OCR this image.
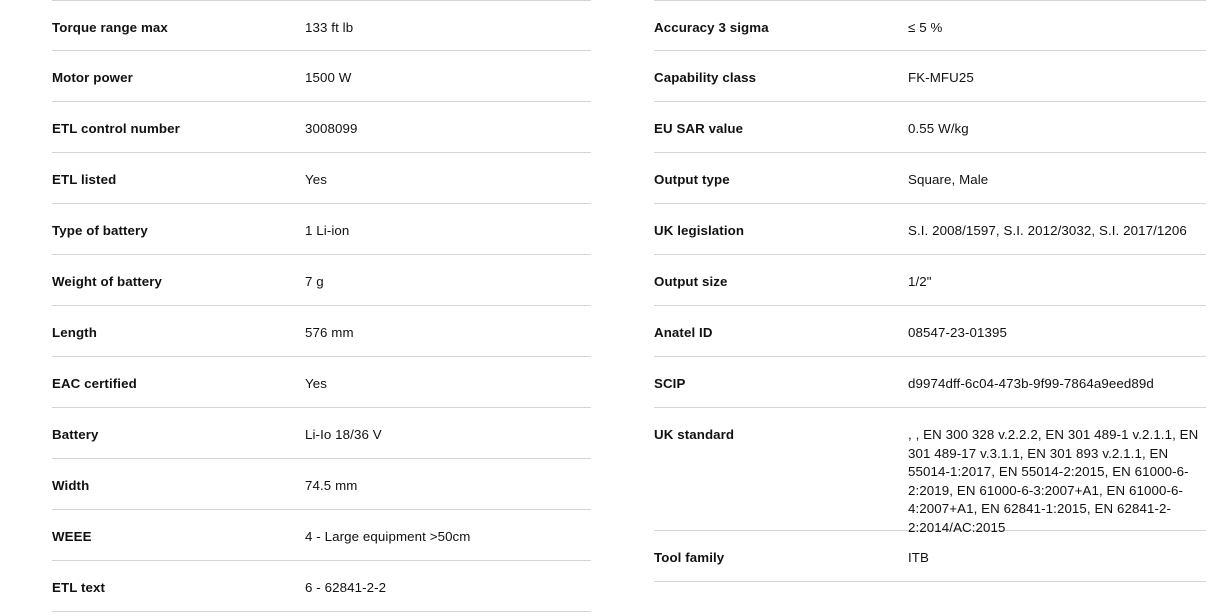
Torque range max	133 ft lb
Motor power	1500 W
ETL control number	3008099
ETL listed	Yes
Type of battery	1 Li-ion
Weight of battery	7 g
Length	576 mm
EAC certified	Yes
Battery	Li-Io 18/36 V
Width	74.5 mm
WEEE	4 - Large equipment >50cm
ETL text	6 - 62841-2-2
Accuracy 3 sigma	≤ 5 %
Capability class	FK-MFU25
EU SAR value	0.55 W/kg
Output type	Square, Male
UK legislation	S.I. 2008/1597, S.I. 2012/3032, S.I. 2017/1206
Output size	1/2"
Anatel ID	08547-23-01395
SCIP	d9974dff-6c04-473b-9f99-7864a9eed89d
UK standard	, , EN 300 328 v.2.2.2, EN 301 489-1 v.2.1.1, EN 301 489-17 v.3.1.1, EN 301 893 v.2.1.1, EN 55014-1:2017, EN 55014-2:2015, EN 61000-6-2:2019, EN 61000-6-3:2007+A1, EN 61000-6-4:2007+A1, EN 62841-1:2015, EN 62841-2-2:2014/AC:2015
Tool family	ITB
